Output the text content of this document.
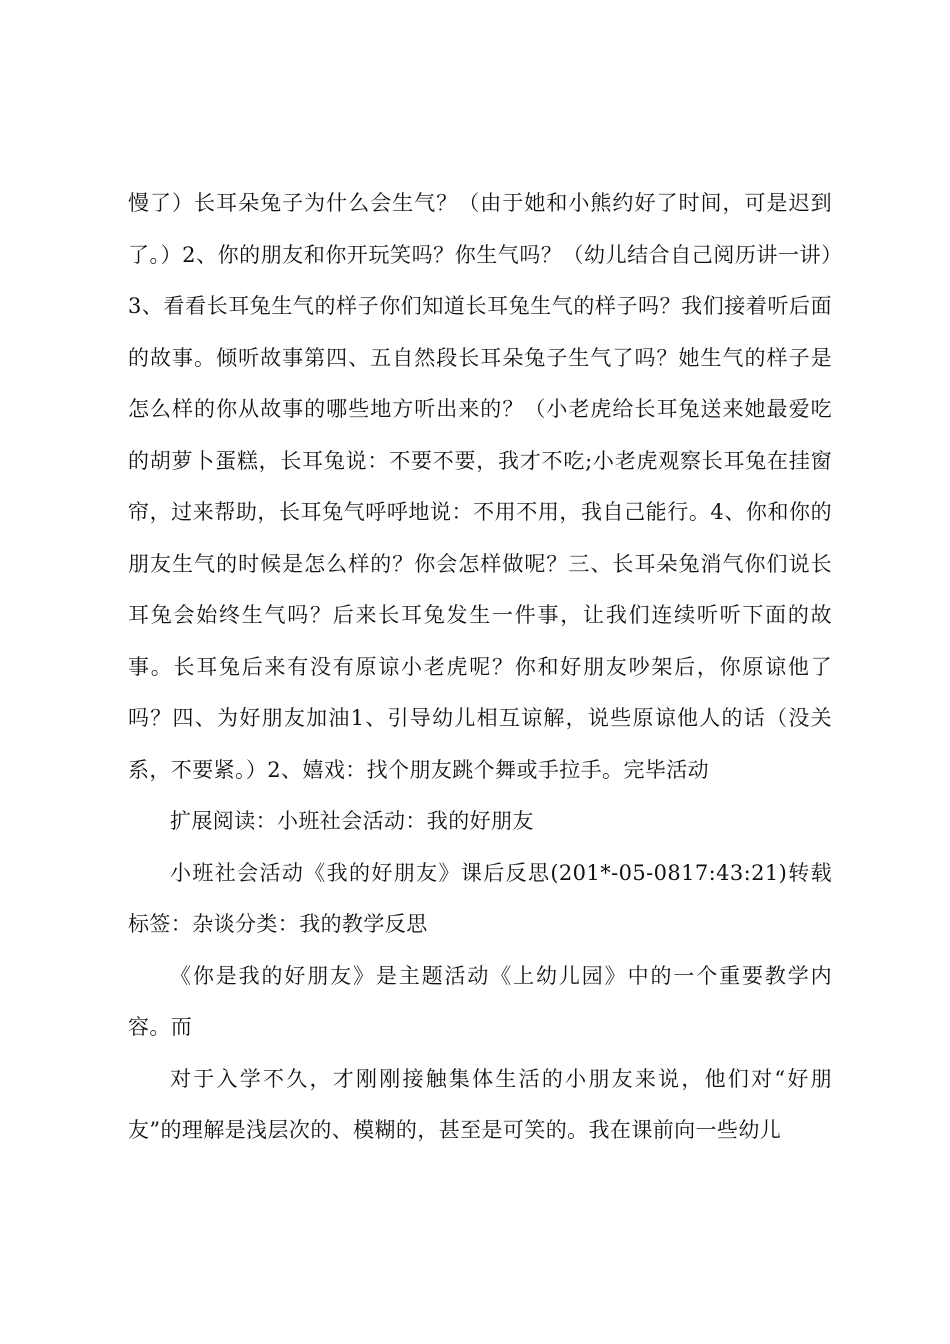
慢了）长耳朵兔子为什么会生气？（由于她和小熊约好了时间，可是迟到了。）2、你的朋友和你开玩笑吗？你生气吗？（幼儿结合自己阅历讲一讲）3、看看长耳兔生气的样子你们知道长耳兔生气的样子吗？我们接着听后面的故事。倾听故事第四、五自然段长耳朵兔子生气了吗？她生气的样子是怎么样的你从故事的哪些地方听出来的？（小老虎给长耳兔送来她最爱吃的胡萝卜蛋糕，长耳兔说：不要不要，我才不吃;小老虎观察长耳兔在挂窗帘，过来帮助，长耳兔气呼呼地说：不用不用，我自己能行。4、你和你的朋友生气的时候是怎么样的？你会怎样做呢？三、长耳朵兔消气你们说长耳兔会始终生气吗？后来长耳兔发生一件事，让我们连续听听下面的故事。长耳兔后来有没有原谅小老虎呢？你和好朋友吵架后，你原谅他了吗？四、为好朋友加油1、引导幼儿相互谅解，说些原谅他人的话（没关系，不要紧。）2、嬉戏：找个朋友跳个舞或手拉手。完毕活动

扩展阅读：小班社会活动：我的好朋友

小班社会活动《我的好朋友》课后反思(201*-05-0817:43:21)转载标签：杂谈分类：我的教学反思

《你是我的好朋友》是主题活动《上幼儿园》中的一个重要教学内容。而

对于入学不久，才刚刚接触集体生活的小朋友来说，他们对“好朋友”的理解是浅层次的、模糊的，甚至是可笑的。我在课前向一些幼儿
